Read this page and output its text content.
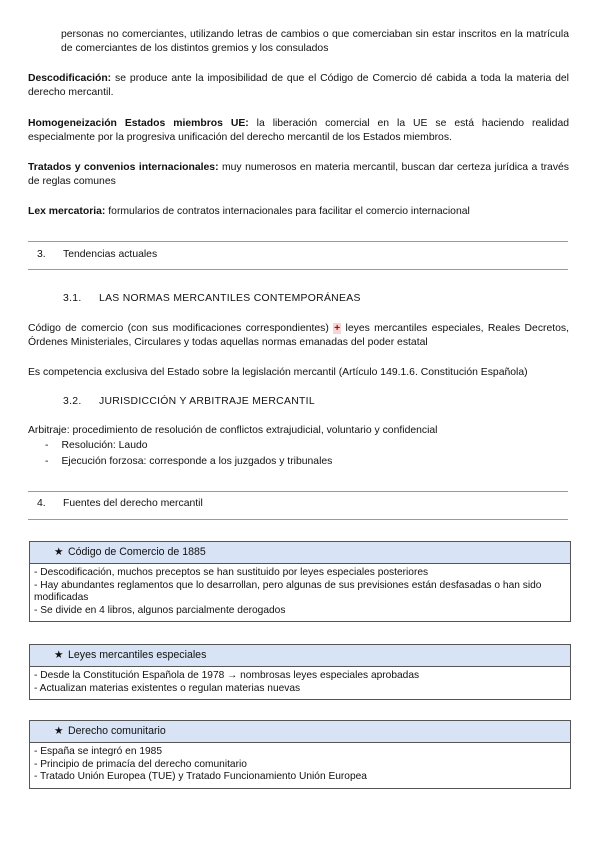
personas no comerciantes, utilizando letras de cambios o que comerciaban sin estar inscritos en la matrícula de comerciantes de los distintos gremios y los consulados
Descodificación: se produce ante la imposibilidad de que el Código de Comercio dé cabida a toda la materia del derecho mercantil.
Homogeneización Estados miembros UE: la liberación comercial en la UE se está haciendo realidad especialmente por la progresiva unificación del derecho mercantil de los Estados miembros.
Tratados y convenios internacionales: muy numerosos en materia mercantil, buscan dar certeza jurídica a través de reglas comunes
Lex mercatoria: formularios de contratos internacionales para facilitar el comercio internacional
3. Tendencias actuales
3.1. LAS NORMAS MERCANTILES CONTEMPORÁNEAS
Código de comercio (con sus modificaciones correspondientes) + leyes mercantiles especiales, Reales Decretos, Órdenes Ministeriales, Circulares y todas aquellas normas emanadas del poder estatal
Es competencia exclusiva del Estado sobre la legislación mercantil (Artículo 149.1.6. Constitución Española)
3.2. JURISDICCIÓN Y ARBITRAJE MERCANTIL
Arbitraje: procedimiento de resolución de conflictos extrajudicial, voluntario y confidencial
- Resolución: Laudo
- Ejecución forzosa: corresponde a los juzgados y tribunales
4. Fuentes del derecho mercantil
★ Código de Comercio de 1885
- Descodificación, muchos preceptos se han sustituido por leyes especiales posteriores
- Hay abundantes reglamentos que lo desarrollan, pero algunas de sus previsiones están desfasadas o han sido modificadas
- Se divide en 4 libros, algunos parcialmente derogados
★ Leyes mercantiles especiales
- Desde la Constitución Española de 1978 → nombrosas leyes especiales aprobadas
- Actualizan materias existentes o regulan materias nuevas
★ Derecho comunitario
- España se integró en 1985
- Principio de primacía del derecho comunitario
- Tratado Unión Europea (TUE) y Tratado Funcionamiento Unión Europea
